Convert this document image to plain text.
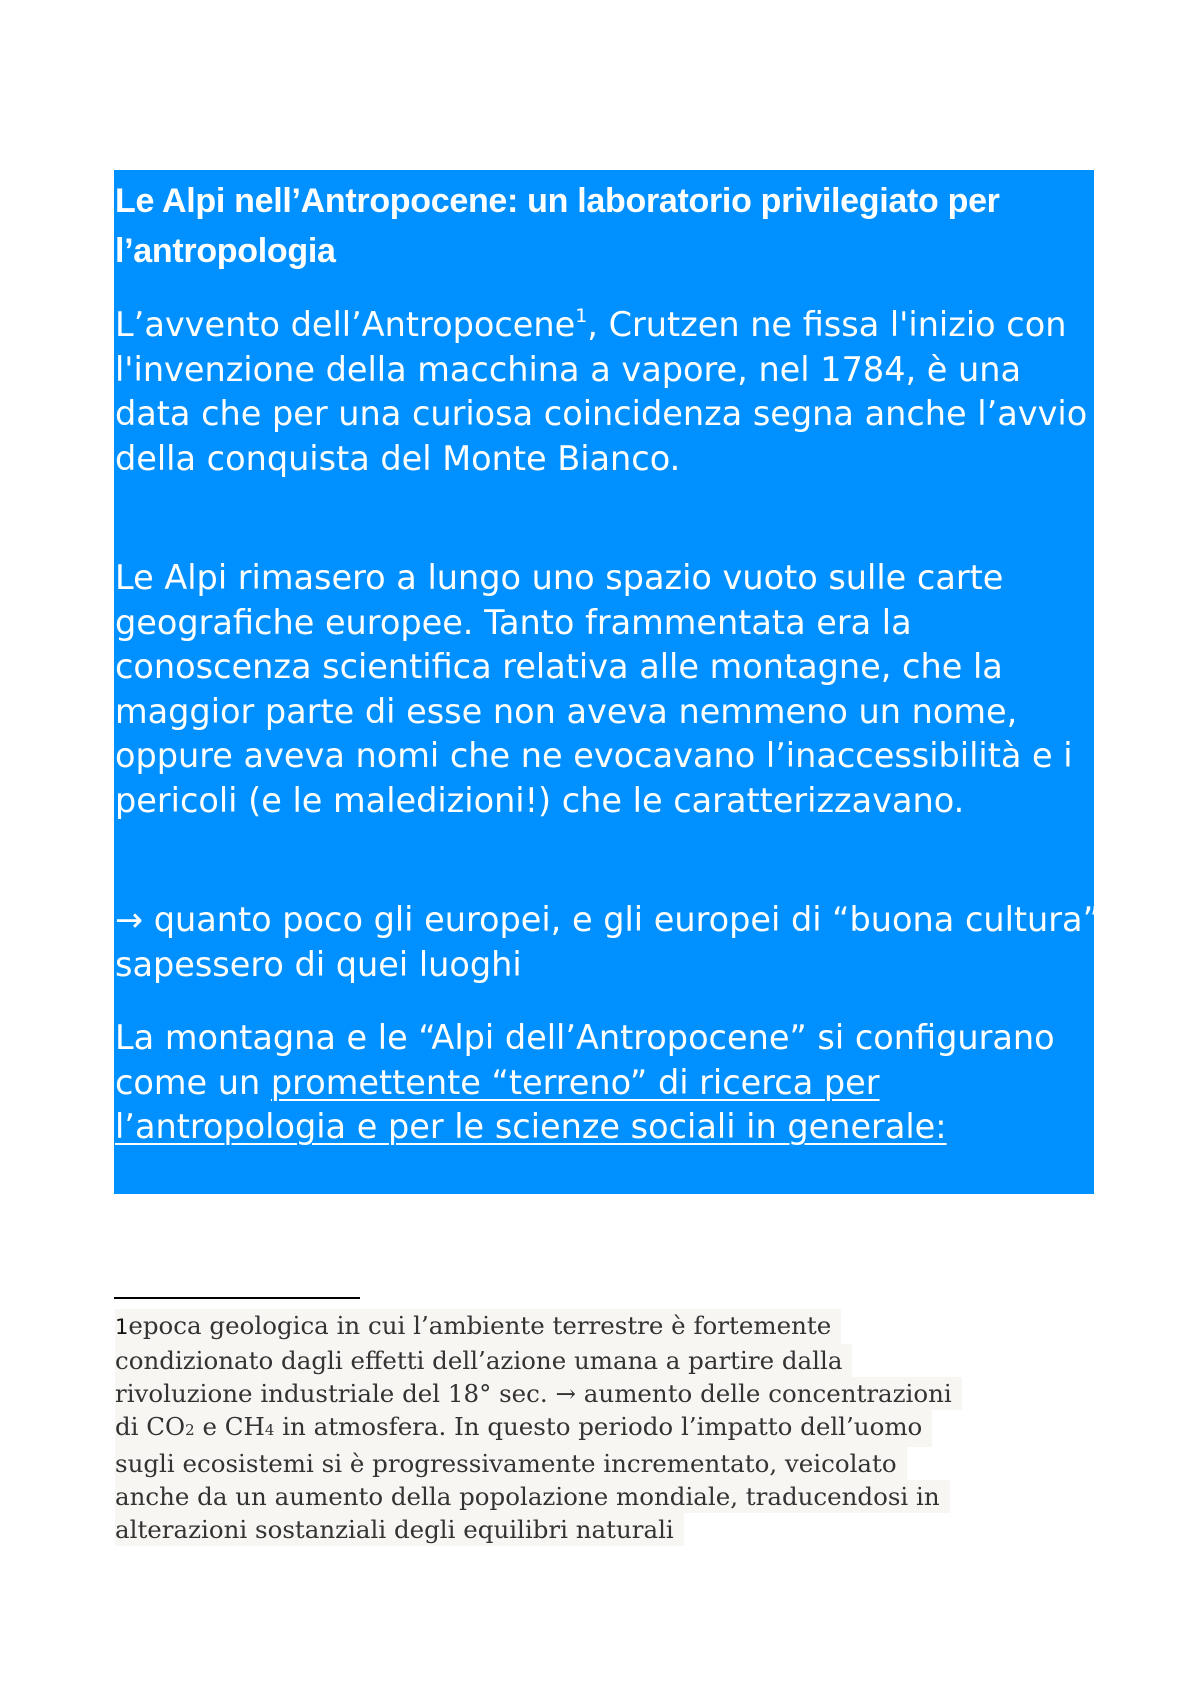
Le Alpi nell’Antropocene: un laboratorio privilegiato per l’antropologia

L’avvento dell’Antropocene$^1$, Crutzen ne fissa l'inizio con l'invenzione della macchina a vapore, nel 1784, è una data che per una curiosa coincidenza segna anche l’avvio della conquista del Monte Bianco.

Le Alpi rimasero a lungo uno spazio vuoto sulle carte geografiche europee. Tanto frammentata era la conoscenza scientifica relativa alle montagne, che la maggior parte di esse non aveva nemmeno un nome, oppure aveva nomi che ne evocavano l’inaccessibilità e i pericoli (e le maledizioni!) che le caratterizzavano.

→ quanto poco gli europei, e gli europei di “buona cultura” sapessero di quei luoghi

La montagna e le “Alpi dell’Antropocene” si configurano come un promettente “terreno” di ricerca per l’antropologia e per le scienze sociali in generale:

1epoca geologica in cui l’ambiente terrestre è fortemente
condizionato dagli effetti dell’azione umana a partire dalla
rivoluzione industriale del 18° sec. → aumento delle concentrazioni
di CO2 e CH4 in atmosfera. In questo periodo l’impatto dell’uomo
sugli ecosistemi si è progressivamente incrementato, veicolato
anche da un aumento della popolazione mondiale, traducendosi in
alterazioni sostanziali degli equilibri naturali
